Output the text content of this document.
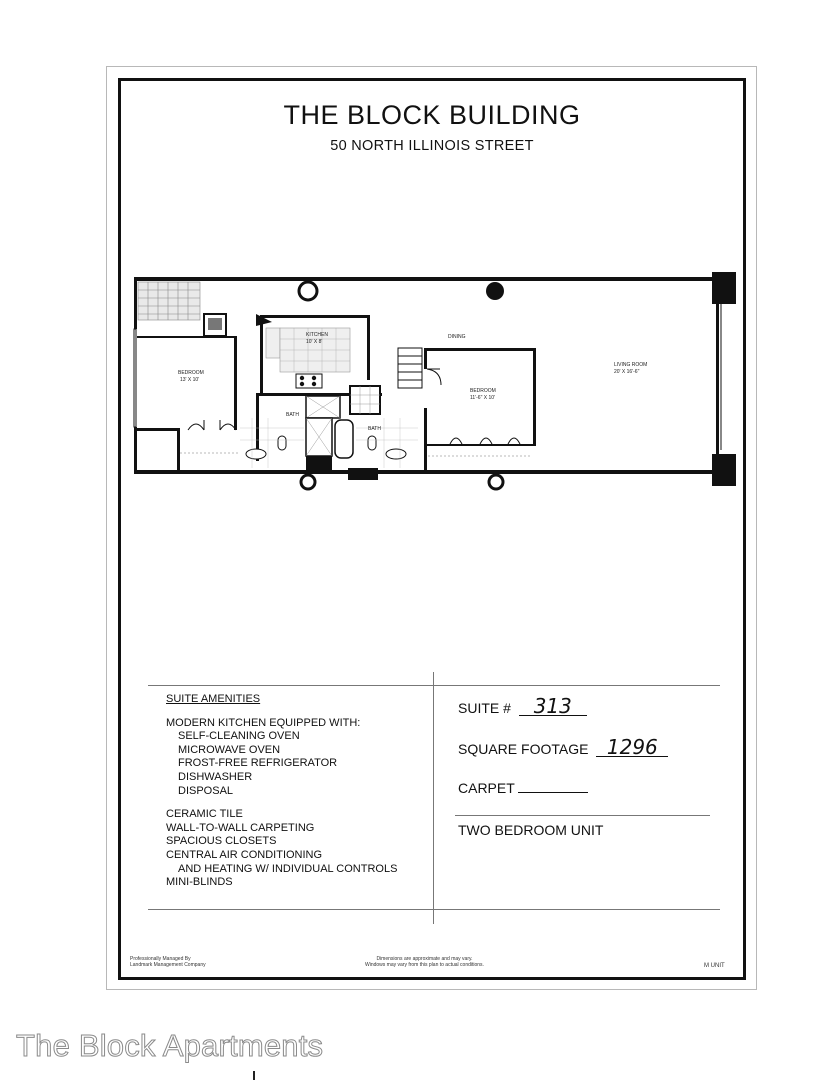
THE BLOCK BUILDING
50 NORTH ILLINOIS STREET
BEDROOM
13' X 10'
KITCHEN
10' X 8'
DINING
BEDROOM
11'-6" X 10'
LIVING ROOM
20' X 16'-6"
BATH
BATH
SUITE AMENITIES
MODERN KITCHEN EQUIPPED WITH:
SELF-CLEANING OVEN
MICROWAVE OVEN
FROST-FREE REFRIGERATOR
DISHWASHER
DISPOSAL
CERAMIC TILE
WALL-TO-WALL CARPETING
SPACIOUS CLOSETS
CENTRAL AIR CONDITIONING
AND HEATING W/ INDIVIDUAL CONTROLS
MINI-BLINDS
SUITE # 313
SQUARE FOOTAGE 1296
CARPET
TWO BEDROOM UNIT
Professionally Managed By
Landmark Management Company
Dimensions are approximate and may vary.
Windows may vary from this plan to actual conditions.	M UNIT
The Block Apartments
